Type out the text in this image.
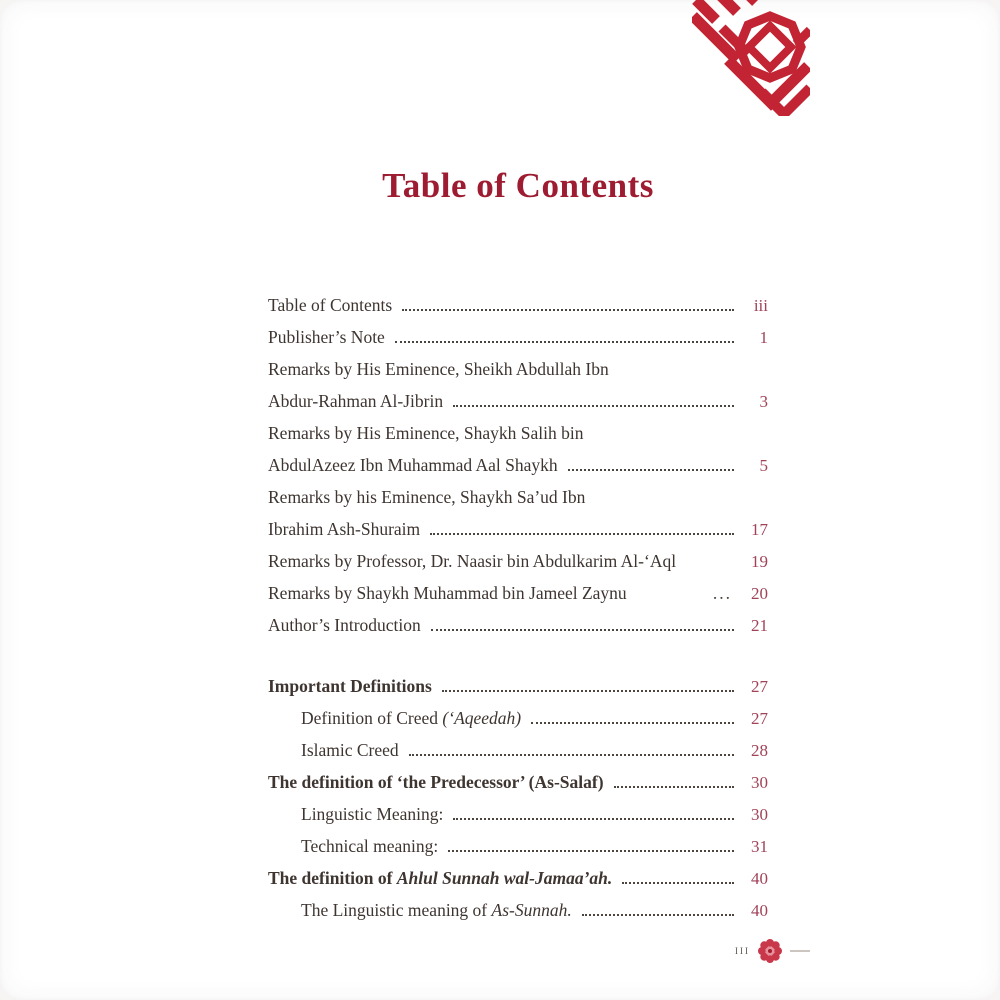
Table of Contents
Table of Contents	iii
Publisher’s Note	1
Remarks by His Eminence, Sheikh Abdullah Ibn
Abdur-Rahman Al-Jibrin	3
Remarks by His Eminence, Shaykh Salih bin
AbdulAzeez Ibn Muhammad Aal Shaykh	5
Remarks by his Eminence, Shaykh Sa’ud Ibn
Ibrahim Ash-Shuraim	17
Remarks by Professor, Dr. Naasir bin Abdulkarim Al-‘Aql	19
Remarks by Shaykh Muhammad bin Jameel Zaynu	...	20
Author’s Introduction	21
Important Definitions	27
Definition of Creed (‘Aqeedah)	27
Islamic Creed	28
The definition of ‘the Predecessor’ (As-Salaf)	30
Linguistic Meaning:	30
Technical meaning:	31
The definition of Ahlul Sunnah wal-Jamaa’ah.	40
The Linguistic meaning of As-Sunnah.	40
iii
